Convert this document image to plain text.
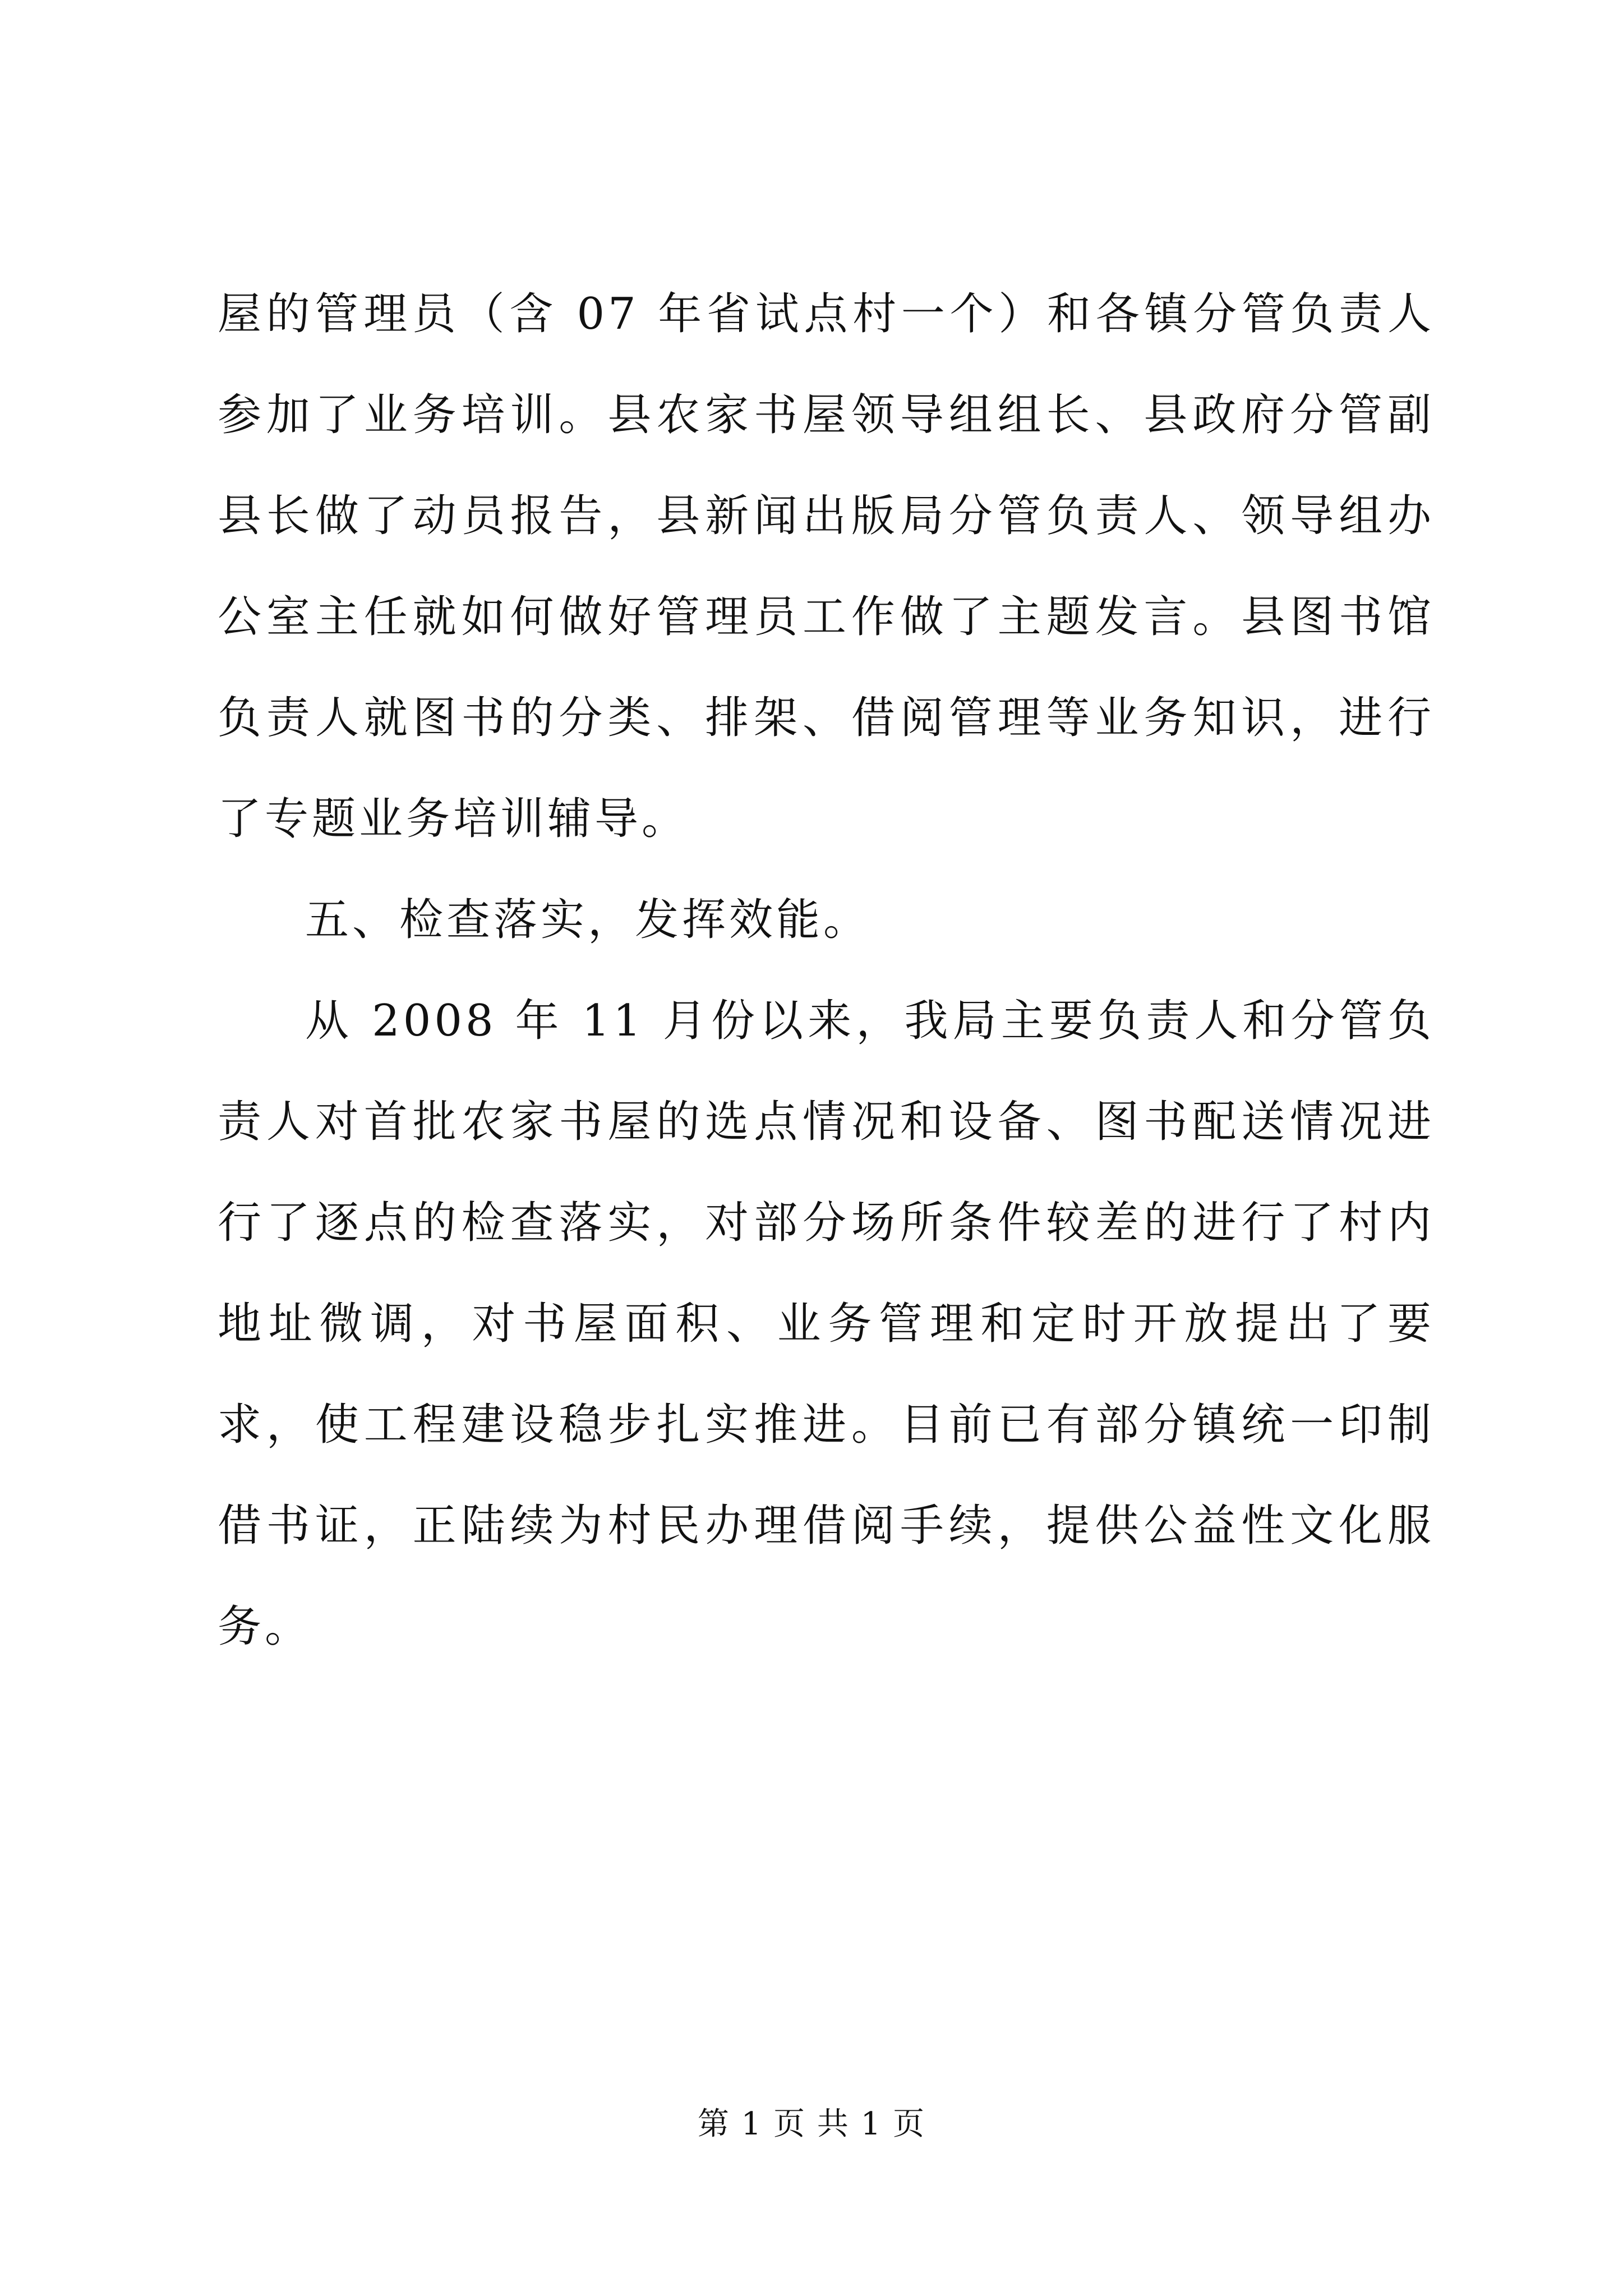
屋的管理员（含 07 年省试点村一个）和各镇分管负责人参加了业务培训。县农家书屋领导组组长、县政府分管副县长做了动员报告，县新闻出版局分管负责人、领导组办公室主任就如何做好管理员工作做了主题发言。县图书馆负责人就图书的分类、排架、借阅管理等业务知识，进行了专题业务培训辅导。

五、检查落实，发挥效能。

从 2008 年 11 月份以来，我局主要负责人和分管负责人对首批农家书屋的选点情况和设备、图书配送情况进行了逐点的检查落实，对部分场所条件较差的进行了村内地址微调，对书屋面积、业务管理和定时开放提出了要求，使工程建设稳步扎实推进。目前已有部分镇统一印制借书证，正陆续为村民办理借阅手续，提供公益性文化服务。

第 1 页 共 1 页
